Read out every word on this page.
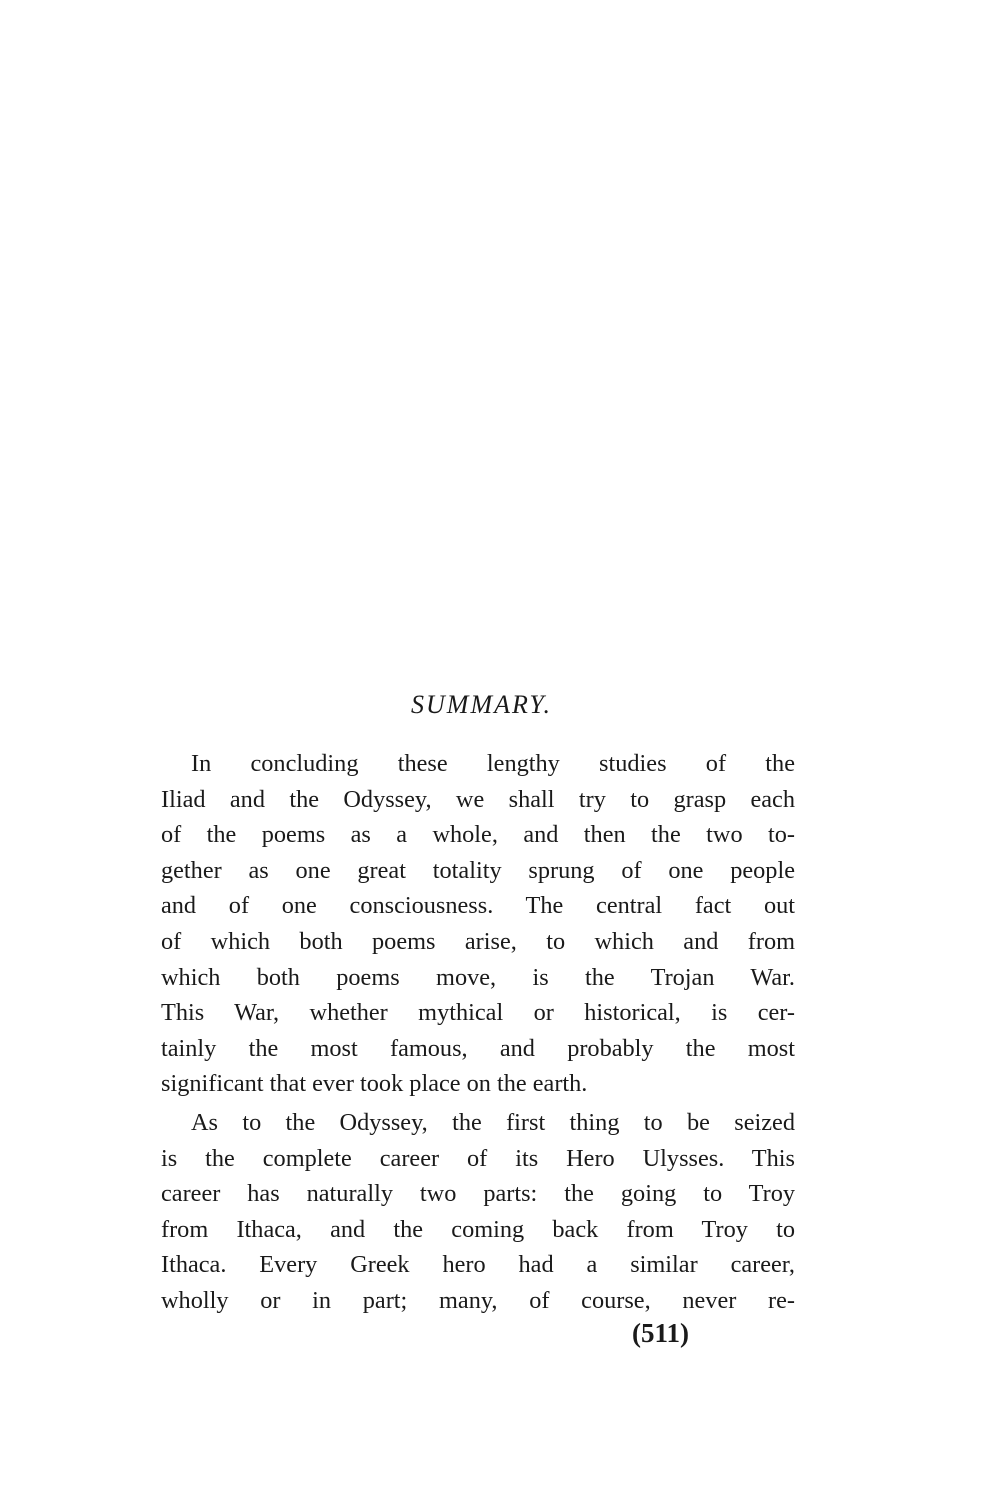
SUMMARY.
In concluding these lengthy studies of the
Iliad and the Odyssey, we shall try to grasp each
of the poems as a whole, and then the two to-
gether as one great totality sprung of one people
and of one consciousness. The central fact out
of which both poems arise, to which and from
which both poems move, is the Trojan War.
This War, whether mythical or historical, is cer-
tainly the most famous, and probably the most
significant that ever took place on the earth.
As to the Odyssey, the first thing to be seized
is the complete career of its Hero Ulysses. This
career has naturally two parts: the going to Troy
from Ithaca, and the coming back from Troy to
Ithaca. Every Greek hero had a similar career,
wholly or in part; many, of course, never re-

(511)
